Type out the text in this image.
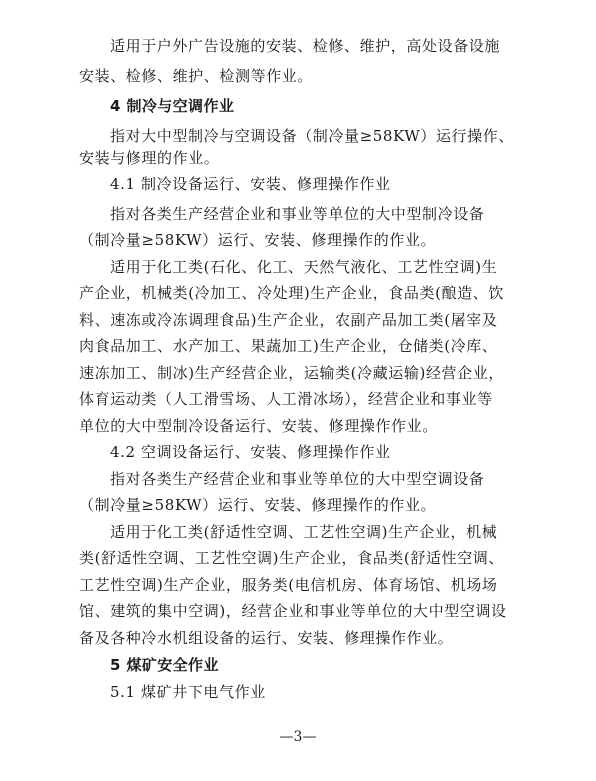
适用于户外广告设施的安装、检修、维护，高处设备设施
安装、检修、维护、检测等作业。
4 制冷与空调作业
指对大中型制冷与空调设备（制冷量≥58KW）运行操作、
安装与修理的作业。
4.1 制冷设备运行、安装、修理操作作业
指对各类生产经营企业和事业等单位的大中型制冷设备
（制冷量≥58KW）运行、安装、修理操作的作业。
适用于化工类(石化、化工、天然气液化、工艺性空调)生
产企业，机械类(冷加工、冷处理)生产企业，食品类(酿造、饮
料、速冻或冷冻调理食品)生产企业，农副产品加工类(屠宰及
肉食品加工、水产加工、果蔬加工)生产企业，仓储类(冷库、
速冻加工、制冰)生产经营企业，运输类(冷藏运输)经营企业，
体育运动类（人工滑雪场、人工滑冰场），经营企业和事业等
单位的大中型制冷设备运行、安装、修理操作作业。
4.2 空调设备运行、安装、修理操作作业
指对各类生产经营企业和事业等单位的大中型空调设备
（制冷量≥58KW）运行、安装、修理操作的作业。
适用于化工类(舒适性空调、工艺性空调)生产企业，机械
类(舒适性空调、工艺性空调)生产企业，食品类(舒适性空调、
工艺性空调)生产企业，服务类(电信机房、体育场馆、机场场
馆、建筑的集中空调)，经营企业和事业等单位的大中型空调设
备及各种冷水机组设备的运行、安装、修理操作作业。
5 煤矿安全作业
5.1 煤矿井下电气作业
—3—
